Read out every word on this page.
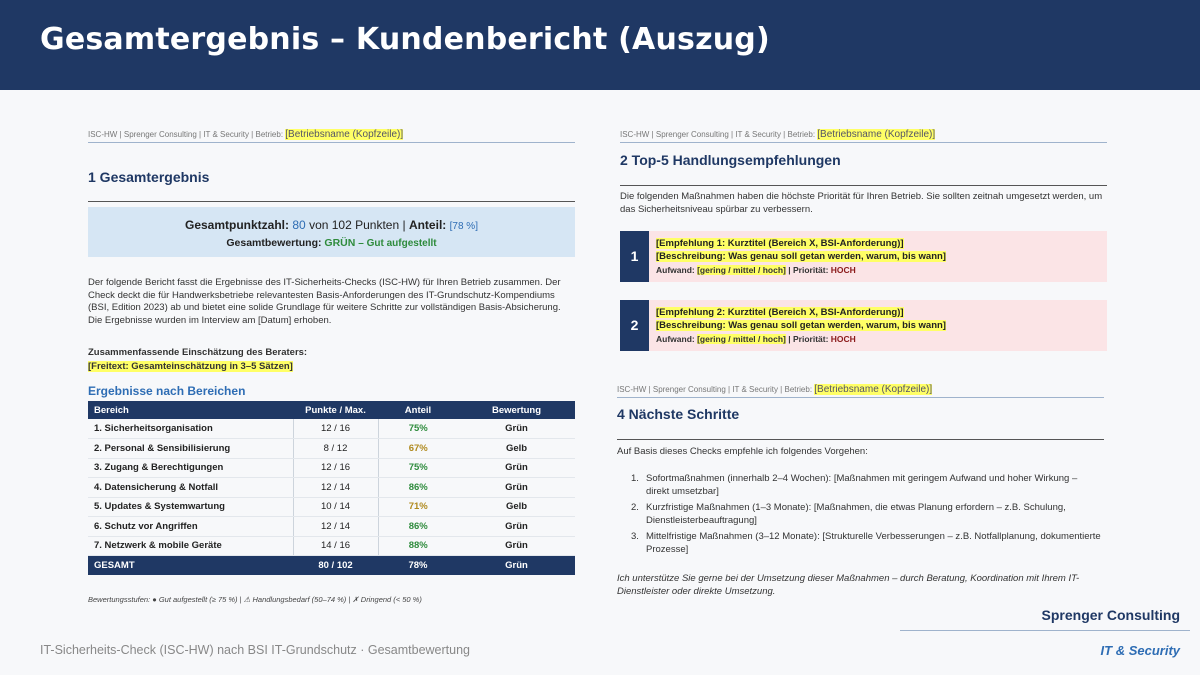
Gesamtergebnis – Kundenbericht (Auszug)
ISC-HW | Sprenger Consulting | IT & Security | Betrieb: [Betriebsname (Kopfzeile)]
1 Gesamtergebnis
Gesamtpunktzahl: 80 von 102 Punkten | Anteil: [78 %]
Gesamtbewertung: GRÜN – Gut aufgestellt
Der folgende Bericht fasst die Ergebnisse des IT-Sicherheits-Checks (ISC-HW) für Ihren Betrieb zusammen. Der Check deckt die für Handwerksbetriebe relevantesten Basis-Anforderungen des IT-Grundschutz-Kompendiums (BSI, Edition 2023) ab und bietet eine solide Grundlage für weitere Schritte zur vollständigen Basis-Absicherung. Die Ergebnisse wurden im Interview am [Datum] erhoben.
Zusammenfassende Einschätzung des Beraters:
[Freitext: Gesamteinschätzung in 3–5 Sätzen]
Ergebnisse nach Bereichen
Bereich	Punkte / Max.	Anteil	Bewertung
1. Sicherheitsorganisation	12 / 16	75%	Grün
2. Personal & Sensibilisierung	8 / 12	67%	Gelb
3. Zugang & Berechtigungen	12 / 16	75%	Grün
4. Datensicherung & Notfall	12 / 14	86%	Grün
5. Updates & Systemwartung	10 / 14	71%	Gelb
6. Schutz vor Angriffen	12 / 14	86%	Grün
7. Netzwerk & mobile Geräte	14 / 16	88%	Grün
GESAMT	80 / 102	78%	Grün
Bewertungsstufen: ● Gut aufgestellt (≥ 75 %) | ⚠ Handlungsbedarf (50–74 %) | ✗ Dringend (< 50 %)
ISC-HW | Sprenger Consulting | IT & Security | Betrieb: [Betriebsname (Kopfzeile)]
2 Top-5 Handlungsempfehlungen
Die folgenden Maßnahmen haben die höchste Priorität für Ihren Betrieb. Sie sollten zeitnah umgesetzt werden, um das Sicherheitsniveau spürbar zu verbessern.
1
[Empfehlung 1: Kurztitel (Bereich X, BSI-Anforderung)]
[Beschreibung: Was genau soll getan werden, warum, bis wann]
Aufwand: [gering / mittel / hoch] | Priorität: HOCH
2
[Empfehlung 2: Kurztitel (Bereich X, BSI-Anforderung)]
[Beschreibung: Was genau soll getan werden, warum, bis wann]
Aufwand: [gering / mittel / hoch] | Priorität: HOCH
ISC-HW | Sprenger Consulting | IT & Security | Betrieb: [Betriebsname (Kopfzeile)]
4 Nächste Schritte
Auf Basis dieses Checks empfehle ich folgendes Vorgehen:
1. Sofortmaßnahmen (innerhalb 2–4 Wochen): [Maßnahmen mit geringem Aufwand und hoher Wirkung – direkt umsetzbar]
2. Kurzfristige Maßnahmen (1–3 Monate): [Maßnahmen, die etwas Planung erfordern – z.B. Schulung, Dienstleisterbeauftragung]
3. Mittelfristige Maßnahmen (3–12 Monate): [Strukturelle Verbesserungen – z.B. Notfallplanung, dokumentierte Prozesse]
Ich unterstütze Sie gerne bei der Umsetzung dieser Maßnahmen – durch Beratung, Koordination mit Ihrem IT-Dienstleister oder direkte Umsetzung.
Sprenger Consulting
IT & Security
IT-Sicherheits-Check (ISC-HW) nach BSI IT-Grundschutz · Gesamtbewertung
